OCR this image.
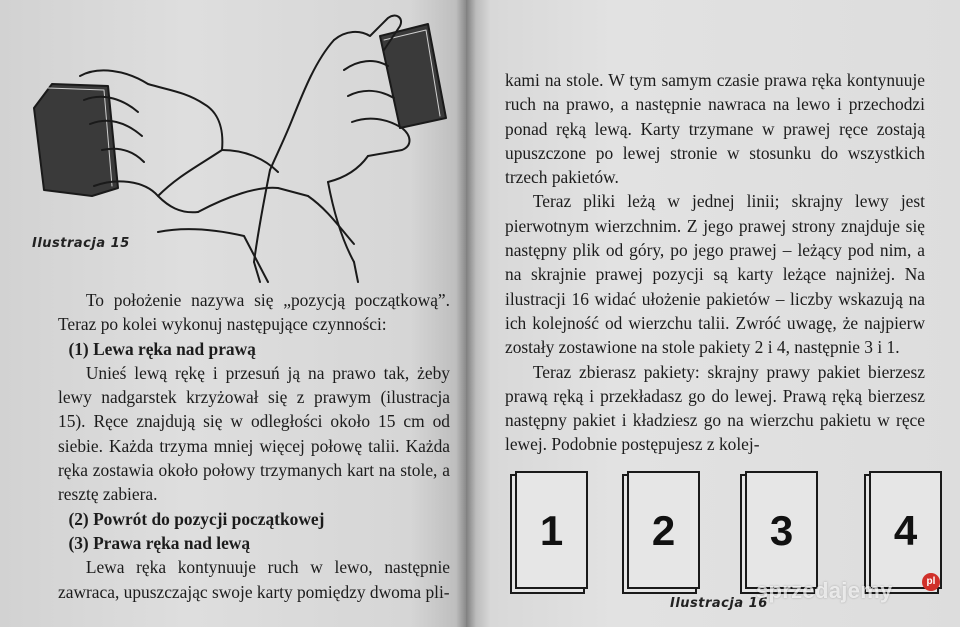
Ilustracja 15

To położenie nazywa się „pozycją początkową”. Teraz po kolei wykonuj następujące czynności:

(1) Lewa ręka nad prawą

Unieś lewą rękę i przesuń ją na prawo tak, żeby lewy nadgarstek krzyżował się z prawym (ilustracja 15). Ręce znajdują się w odległości około 15 cm od siebie. Każda trzyma mniej więcej połowę talii. Każda ręka zostawia około połowy trzymanych kart na stole, a resztę zabiera.

(2) Powrót do pozycji początkowej

(3) Prawa ręka nad lewą

Lewa ręka kontynuuje ruch w lewo, następnie zawraca, upuszczając swoje karty pomiędzy dwoma pli-

kami na stole. W tym samym czasie prawa ręka kontynuuje ruch na prawo, a następnie nawraca na lewo i przechodzi ponad ręką lewą. Karty trzymane w prawej ręce zostają upuszczone po lewej stronie w stosunku do wszystkich trzech pakietów.

Teraz pliki leżą w jednej linii; skrajny lewy jest pierwotnym wierzchnim. Z jego prawej strony znajduje się następny plik od góry, po jego prawej – leżący pod nim, a na skrajnie prawej pozycji są karty leżące najniżej. Na ilustracji 16 widać ułożenie pakietów – liczby wskazują na ich kolejność od wierzchu talii. Zwróć uwagę, że najpierw zostały zostawione na stole pakiety 2 i 4, następnie 3 i 1.

Teraz zbierasz pakiety: skrajny prawy pakiet bierzesz prawą ręką i przekładasz go do lewej. Prawą ręką bierzesz następny pakiet i kładziesz go na wierzchu pakietu w ręce lewej. Podobnie postępujesz z kolej-

1	2	3	4
Ilustracja 16
sprzedajemy	pl
